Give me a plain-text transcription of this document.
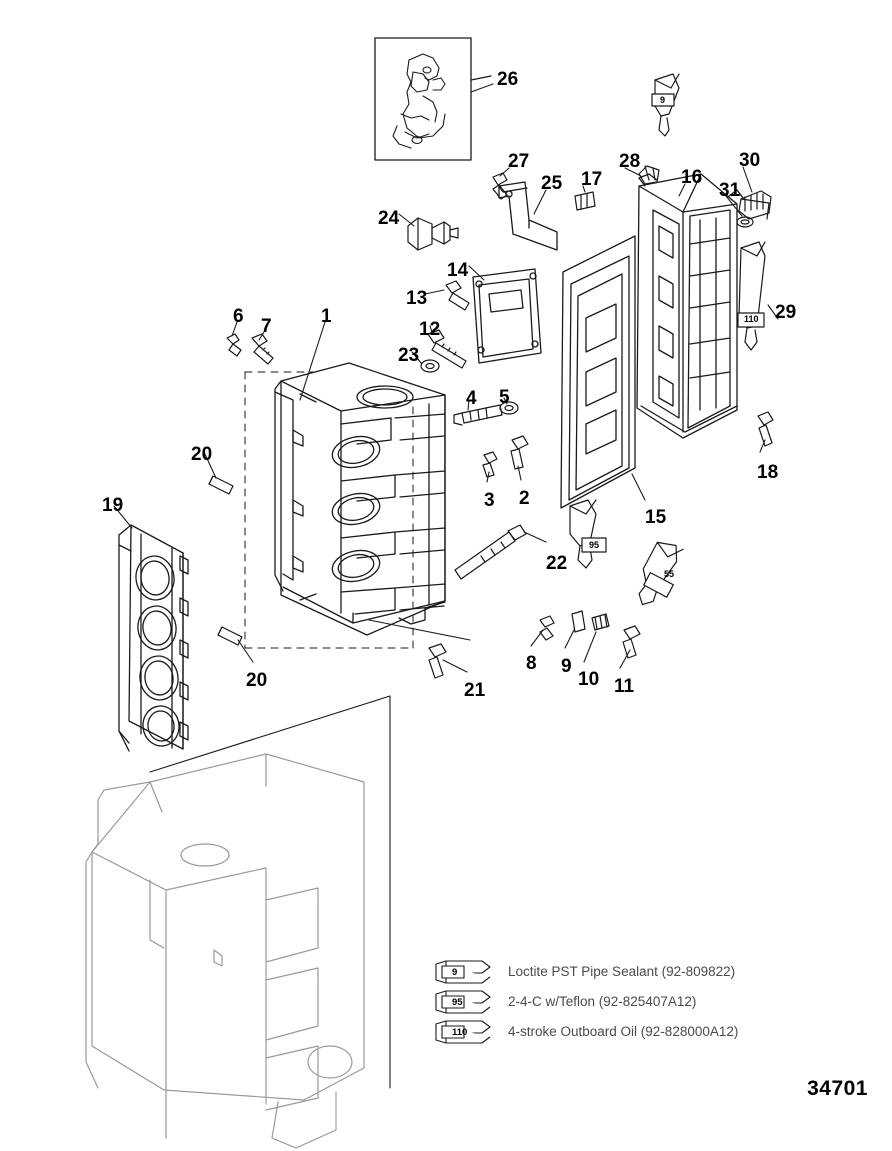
26
27
25 17
28
16
30
31
24
14
13
29
6 7	1
12
23
4 5
20
2
3
18
19
15
22
20
8 9
10 11
21
9
110
95
55
9	Loctite PST Pipe Sealant (92-809822)
95	2-4-C w/Teflon (92-825407A12)
110	4-stroke Outboard Oil (92-828000A12)
34701
